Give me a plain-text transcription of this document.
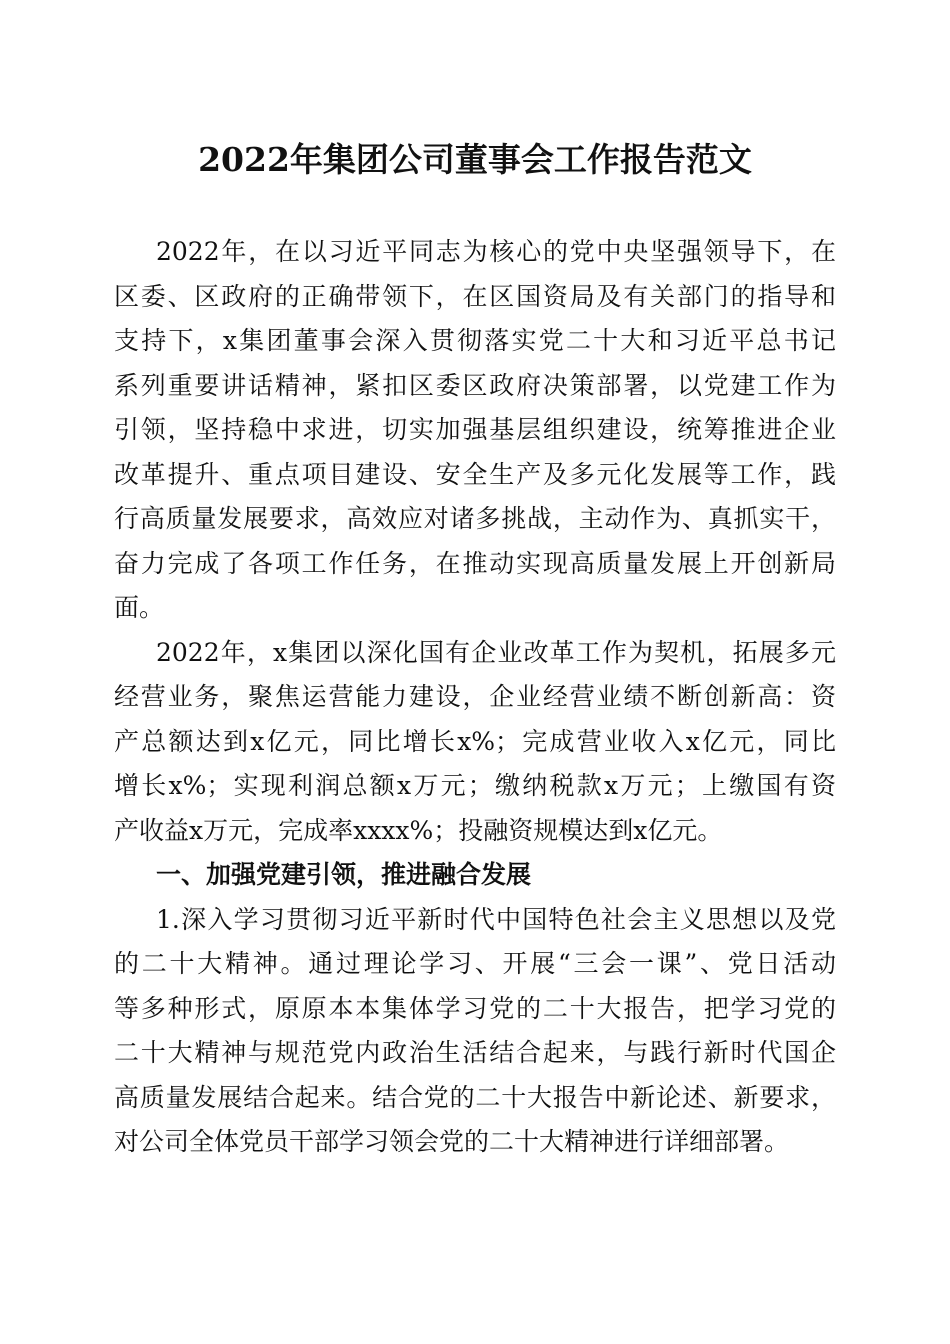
2022年集团公司董事会工作报告范文
2022年，在以习近平同志为核心的党中央坚强领导下，在
区委、区政府的正确带领下，在区国资局及有关部门的指导和
支持下，x集团董事会深入贯彻落实党二十大和习近平总书记
系列重要讲话精神，紧扣区委区政府决策部署，以党建工作为
引领，坚持稳中求进，切实加强基层组织建设，统筹推进企业
改革提升、重点项目建设、安全生产及多元化发展等工作，践
行高质量发展要求，高效应对诸多挑战，主动作为、真抓实干，
奋力完成了各项工作任务，在推动实现高质量发展上开创新局
面。
2022年，x集团以深化国有企业改革工作为契机，拓展多元
经营业务，聚焦运营能力建设，企业经营业绩不断创新高：资
产总额达到x亿元，同比增长x%；完成营业收入x亿元，同比
增长x%；实现利润总额x万元；缴纳税款x万元；上缴国有资
产收益x万元，完成率xxxx%；投融资规模达到x亿元。
一、加强党建引领，推进融合发展
1.深入学习贯彻习近平新时代中国特色社会主义思想以及党
的二十大精神。通过理论学习、开展“三会一课”、党日活动
等多种形式，原原本本集体学习党的二十大报告，把学习党的
二十大精神与规范党内政治生活结合起来，与践行新时代国企
高质量发展结合起来。结合党的二十大报告中新论述、新要求，
对公司全体党员干部学习领会党的二十大精神进行详细部署。
